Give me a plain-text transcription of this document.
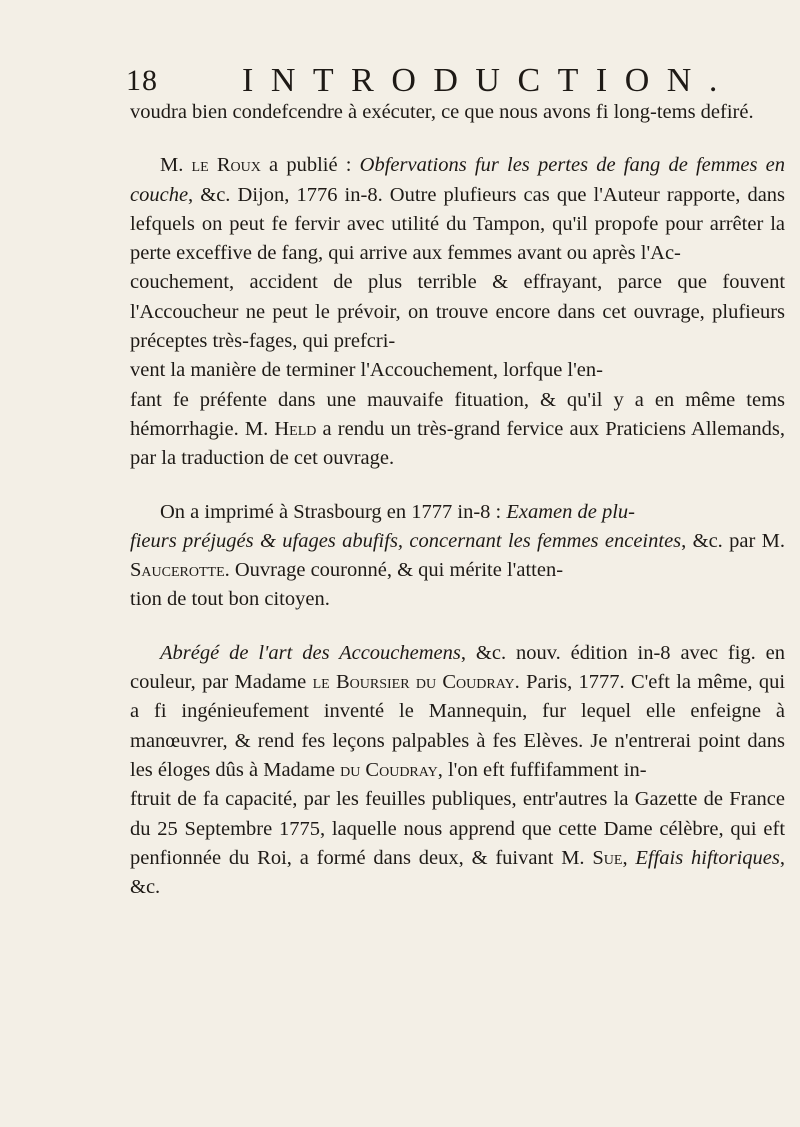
18 INTRODUCTION.

voudra bien condefcendre à exécuter, ce que nous avons fi long-tems defiré.

M. le Roux a publié : Obfervations fur les pertes de fang de femmes en couche, &c. Dijon, 1776 in-8. Outre plufieurs cas que l'Auteur rapporte, dans lefquels on peut fe fervir avec utilité du Tampon, qu'il propofe pour arrêter la perte exceffive de fang, qui arrive aux femmes avant ou après l'Ac-
couchement, accident de plus terrible & effrayant, parce que fouvent l'Accoucheur ne peut le prévoir, on trouve encore dans cet ouvrage, plufieurs préceptes très-fages, qui prefcri-
vent la manière de terminer l'Accouchement, lorfque l'en-
fant fe préfente dans une mauvaife fituation, & qu'il y a en même tems hémorrhagie. M. Held a rendu un très-grand fervice aux Praticiens Allemands, par la traduction de cet ouvrage.

On a imprimé à Strasbourg en 1777 in-8 : Examen de plu-
fieurs préjugés & ufages abufifs, concernant les femmes enceintes, &c. par M. Saucerotte. Ouvrage couronné, & qui mérite l'atten-
tion de tout bon citoyen.

Abrégé de l'art des Accouchemens, &c. nouv. édition in-8 avec fig. en couleur, par Madame le Boursier du Coudray. Paris, 1777. C'eft la même, qui a fi ingénieufement inventé le Mannequin, fur lequel elle enfeigne à manœuvrer, & rend fes leçons palpables à fes Elèves. Je n'entrerai point dans les éloges dûs à Madame du Coudray, l'on eft fuffifamment in-
ftruit de fa capacité, par les feuilles publiques, entr'autres la Gazette de France du 25 Septembre 1775, laquelle nous apprend que cette Dame célèbre, qui eft penfionnée du Roi, a formé dans deux, & fuivant M. Sue, Effais hiftoriques, &c.
